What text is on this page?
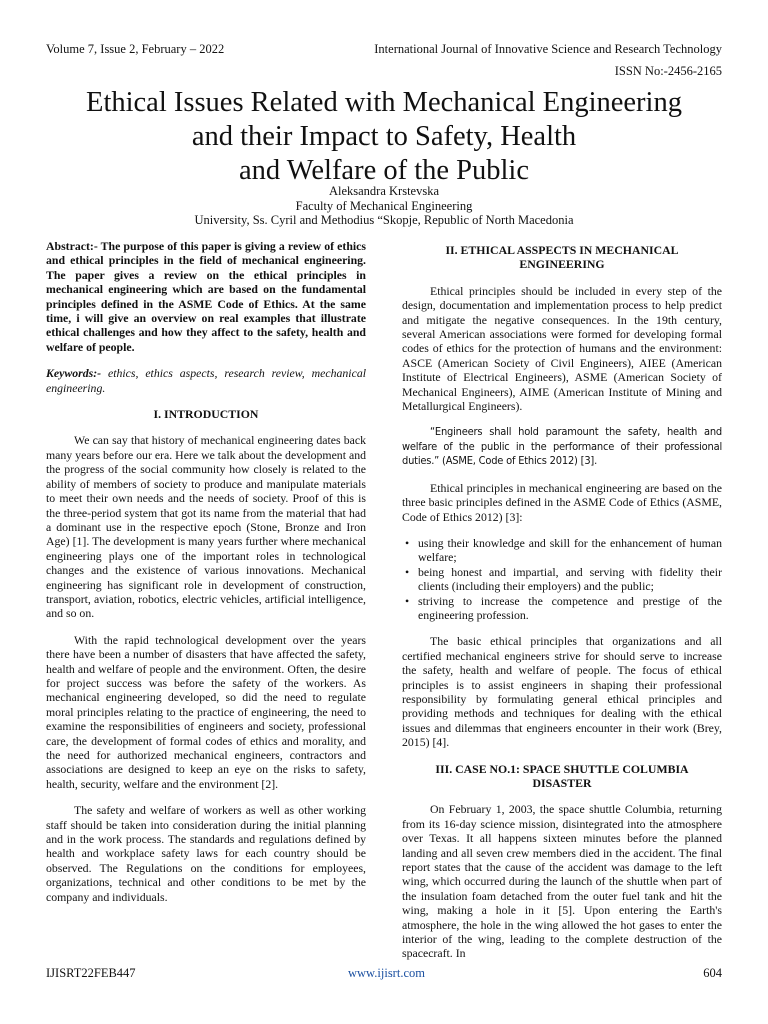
Volume 7, Issue 2, February – 2022	International Journal of Innovative Science and Research Technology
ISSN No:-2456-2165
Ethical Issues Related with Mechanical Engineering
and their Impact to Safety, Health
and Welfare of the Public
Aleksandra Krstevska
Faculty of Mechanical Engineering
University, Ss. Cyril and Methodius “Skopje, Republic of North Macedonia

Abstract:- The purpose of this paper is giving a review of ethics and ethical principles in the field of mechanical engineering. The paper gives a review on the ethical principles in mechanical engineering which are based on the fundamental principles defined in the ASME Code of Ethics. At the same time, i will give an overview on real examples that illustrate ethical challenges and how they affect to the safety, health and welfare of people.

Keywords:- ethics, ethics aspects, research review, mechanical engineering.

I. INTRODUCTION

We can say that history of mechanical engineering dates back many years before our era. Here we talk about the development and the progress of the social community how closely is related to the ability of members of society to produce and manipulate materials to meet their own needs and the needs of society. Proof of this is the three-period system that got its name from the material that had a dominant use in the respective epoch (Stone, Bronze and Iron Age) [1]. The development is many years further where mechanical engineering plays one of the important roles in technological changes and the existence of various innovations. Mechanical engineering has significant role in development of construction, transport, aviation, robotics, electric vehicles, artificial intelligence, and so on.

With the rapid technological development over the years there have been a number of disasters that have affected the safety, health and welfare of people and the environment. Often, the desire for project success was before the safety of the workers. As mechanical engineering developed, so did the need to regulate moral principles relating to the practice of engineering, the need to examine the responsibilities of engineers and society, professional care, the development of formal codes of ethics and morality, and the need for authorized mechanical engineers, contractors and associations are designed to keep an eye on the risks to safety, health, security, welfare and the environment [2].

The safety and welfare of workers as well as other working staff should be taken into consideration during the initial planning and in the work process. The standards and regulations defined by health and workplace safety laws for each country should be observed. The Regulations on the conditions for employees, organizations, technical and other conditions to be met by the company and individuals.

II. ETHICAL ASSPECTS IN MECHANICAL
ENGINEERING

Ethical principles should be included in every step of the design, documentation and implementation process to help predict and mitigate the negative consequences. In the 19th century, several American associations were formed for developing formal codes of ethics for the protection of humans and the environment: ASCE (American Society of Civil Engineers), AIEE (American Institute of Electrical Engineers), ASME (American Society of Mechanical Engineers), AIME (American Institute of Mining and Metallurgical Engineers).

“Engineers shall hold paramount the safety, health and welfare of the public in the performance of their professional duties.” (ASME, Code of Ethics 2012) [3].

Ethical principles in mechanical engineering are based on the three basic principles defined in the ASME Code of Ethics (ASME, Code of Ethics 2012) [3]:

• using their knowledge and skill for the enhancement of human welfare;
• being honest and impartial, and serving with fidelity their clients (including their employers) and the public;
• striving to increase the competence and prestige of the engineering profession.

The basic ethical principles that organizations and all certified mechanical engineers strive for should serve to increase the safety, health and welfare of people. The focus of ethical principles is to assist engineers in shaping their professional responsibility by formulating general ethical principles and providing methods and techniques for dealing with the ethical issues and dilemmas that engineers encounter in their work (Brey, 2015) [4].

III. CASE NO.1: SPACE SHUTTLE COLUMBIA
DISASTER

On February 1, 2003, the space shuttle Columbia, returning from its 16-day science mission, disintegrated into the atmosphere over Texas. It all happens sixteen minutes before the planned landing and all seven crew members died in the accident. The final report states that the cause of the accident was damage to the left wing, which occurred during the launch of the shuttle when part of the insulation foam detached from the outer fuel tank and hit the wing, making a hole in it [5]. Upon entering the Earth's atmosphere, the hole in the wing allowed the hot gases to enter the interior of the wing, leading to the complete destruction of the spacecraft. In

IJISRT22FEB447	www.ijisrt.com	604
